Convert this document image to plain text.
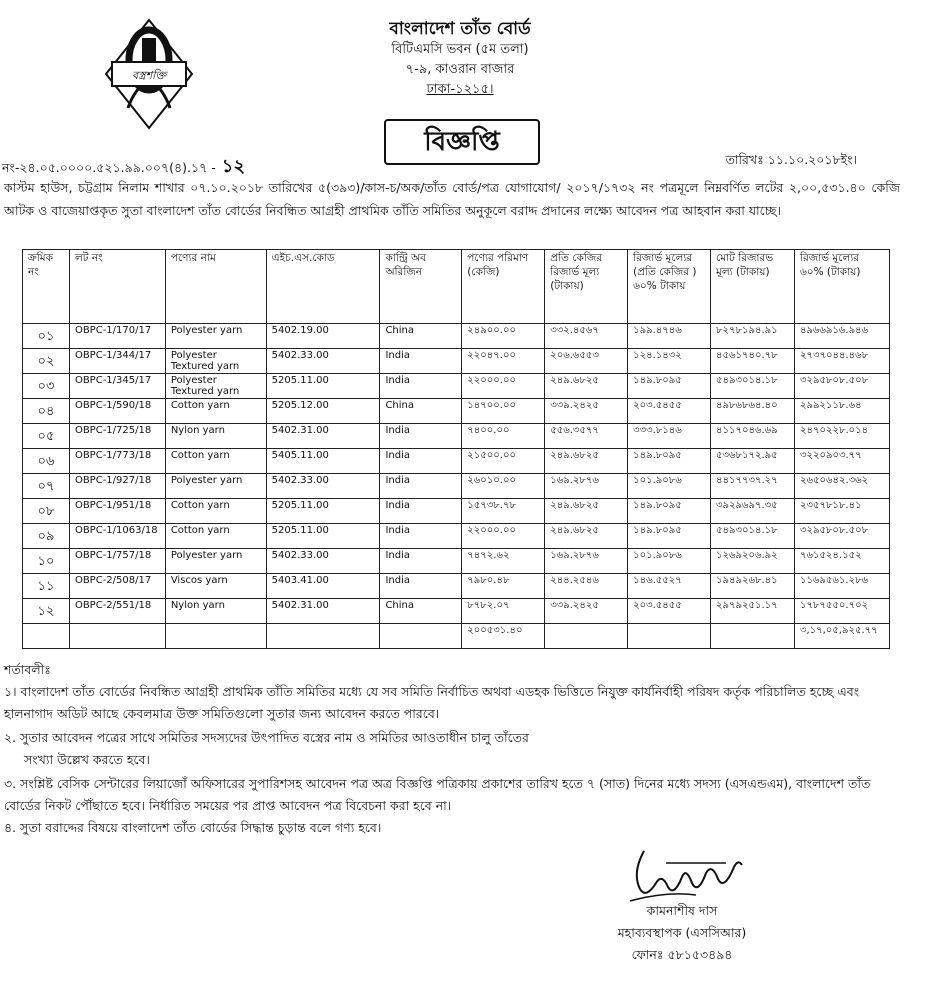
বস্ত্রশক্তি
বাংলাদেশ তাঁত বোর্ড
বিটিএমসি ভবন (৫ম তলা)
৭-৯, কাওরান বাজার
ঢাকা-১২১৫।
বিজ্ঞপ্তি
নং-২৪.০৫.০০০০.৫২১.৯৯.০০৭(৪).১৭ - ১২	তারিখঃ ১১.১০.২০১৮ইং।
কাস্টম হাউস, চট্টগ্রাম নিলাম শাখার ০৭.১০.২০১৮ তারিখের ৫(৩৯৩)/কাস-চ/অক/তাঁত বোর্ড/পত্র যোগাযোগ/ ২০১৭/১৭৩২ নং পত্রমূলে নিম্নবর্ণিত লটের ২,০০,৫৩১.৪০ কেজি আটক ও বাজেয়াপ্তকৃত সুতা বাংলাদেশ তাঁত বোর্ডের নিবন্ধিত আগ্রহী প্রাথমিক তাঁতি সমিতির অনুকূলে বরাদ্দ প্রদানের লক্ষ্যে আবেদন পত্র আহবান করা যাচ্ছে।
ক্রমিক নং	লট নং	পণ্যের নাম	এইচ.এস.কোড	কান্ট্রি অব অরিজিন	পণ্যের পরিমাণ (কেজি)	প্রতি কেজির রিজার্ভ মূল্য (টাকায়)	রিজার্ভ মূল্যের (প্রতি কেজির ) ৬০% টাকায়	মোট রিজারভ মূল্য (টাকায়)	রিজার্ভ মূল্যের ৬০% (টাকায়)
০১	OBPC-1/170/17	Polyester yarn	5402.19.00	China	২৪৯০০.০০	৩৩২.৪৫৬৭	১৯৯.৪৭৪৬	৮২৭৮১৯৪.৯১	৪৯৬৬৯১৬.৯৪৬
০২	OBPC-1/344/17	Polyester Textured yarn	5402.33.00	India	২২০৪৭.০০	২০৬.৬৫৫৩	১২৪.১৪৩২	৪৫৬১৭৪০.৭৮	২৭৩৭০৪৪.৪৬৮
০৩	OBPC-1/345/17	Polyester Textured yarn	5205.11.00	India	২২০০০.০০	২৪৯.৬৮২৫	১৪৯.৮০৯৫	৫৪৯৩০১৪.১৮	৩২৯৫৮০৮.৫০৮
০৪	OBPC-1/590/18	Cotton yarn	5205.12.00	China	১৪৭০০.০০	৩৩৯.২৪২৫	২০৩.৫৪৫৫	৪৯৮৬৮৬৪.৪০	২৯৯২১১৮.৬৪
০৫	OBPC-1/725/18	Nylon yarn	5402.31.00	India	৭৪০০.০০	৫৫৬.৩৫৭৭	৩৩৩.৮১৪৬	৪১১৭০৪৬.৬৯	২৪৭০২২৮.০১৪
০৬	OBPC-1/773/18	Cotton yarn	5405.11.00	India	২১৫০০.০০	২৪৯.৬৮২৫	১৪৯.৮০৯৫	৫৩৬৮১৭২.৯৫	৩২২০৯০৩.৭৭
০৭	OBPC-1/927/18	Polyester yarn	5402.33.00	India	২৬০১০.০০	১৬৯.২৮৭৬	১০১.৯০৮৬	৪৪১৭৭৩৭.২৭	২৬৫০৬৪২.৩৬২
০৮	OBPC-1/951/18	Cotton yarn	5205.11.00	India	১৫৭৩৮.৭৮	২৪৯.৬৮২৫	১৪৯.৮০৯৫	৩৯২৯৬৯৭.৩৫	২৩৫৭৮১৮.৪১
০৯	OBPC-1/1063/18	Cotton yarn	5205.11.00	India	২২০০০.০০	২৪৯.৬৮২৫	১৪৯.৮০৯৫	৫৪৯৩০১৪.১৮	৩২৯৫৮০৮.৫০৮
১০	OBPC-1/757/18	Polyester yarn	5402.33.00	India	৭৪৭২.৬২	১৬৯.২৮৭৬	১০১.৯০৮৬	১২৬৯২০৬.৯২	৭৬১৫২৪.১৫২
১১	OBPC-2/508/17	Viscos yarn	5403.41.00	India	৭৯৮০.৪৮	২৪৪.২৫৪৬	১৪৬.৫৫২৭	১৯৪৯২৬৮.৪১	১১৬৯৫৬১.২৮৬
১২	OBPC-2/551/18	Nylon yarn	5402.31.00	China	৮৭৮২.০৭	৩৩৯.২৪২৫	২০৩.৫৪৫৫	২৯৭৯২৫১.১৭	১৭৮৭৫৫০.৭০২
					২০০৫৩১.৪০				৩,১৭,০৫,৯২৫.৭৭
শর্তাবলীঃ
১। বাংলাদেশ তাঁত বোর্ডের নিবন্ধিত আগ্রহী প্রাথমিক তাঁতি সমিতির মধ্যে যে সব সমিতি নির্বাচিত অথবা এডহক ভিত্তিতে নিযুক্ত কার্যনির্বাহী পরিষদ কর্তৃক পরিচালিত হচ্ছে এবং হালনাগাদ অডিট আছে কেবলমাত্র উক্ত সমিতিগুলো সুতার জন্য আবেদন করতে পারবে।
২. সুতার আবেদন পত্রের সাথে সমিতির সদস্যদের উৎপাদিত বস্ত্রের নাম ও সমিতির আওতাধীন চালু তাঁতের
সংখ্যা উল্লেখ করতে হবে।
৩. সংশ্লিষ্ট বেসিক সেন্টারের লিয়াজোঁ অফিসারের সুপারিশসহ আবেদন পত্র অত্র বিজ্ঞপ্তি পত্রিকায় প্রকাশের তারিখ হতে ৭ (সাত) দিনের মধ্যে সদস্য (এসএন্ডএম), বাংলাদেশ তাঁত বোর্ডের নিকট পৌঁছাতে হবে। নির্ধারিত সময়ের পর প্রাপ্ত আবেদন পত্র বিবেচনা করা হবে না।
৪. সুতা বরাদ্দের বিষয়ে বাংলাদেশ তাঁত বোর্ডের সিদ্ধান্ত চুড়ান্ত বলে গণ্য হবে।
কামনাশীষ দাস
মহাব্যবস্থাপক (এসসিআর)
ফোনঃ ৫৮১৫৩৪৯৪
